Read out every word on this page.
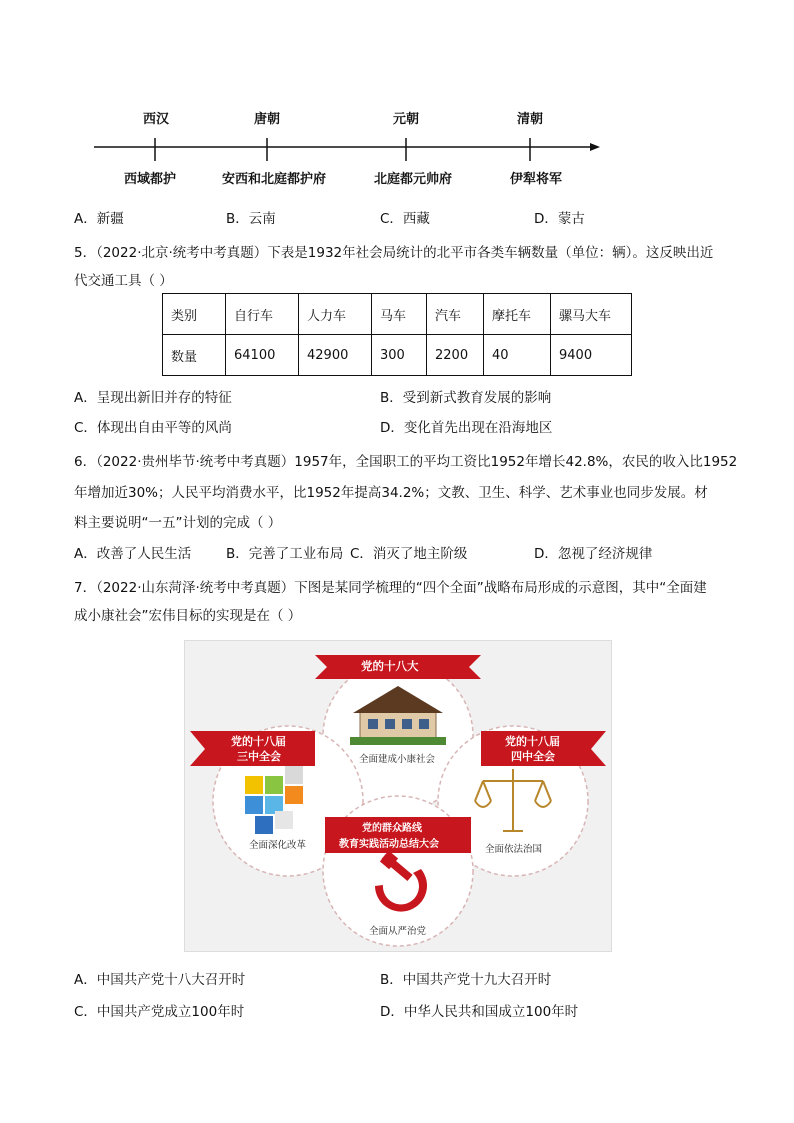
西汉	唐朝	元朝	清朝
西域都护	安西和北庭都护府	北庭都元帅府	伊犁将军
A．新疆	B．云南	C．西藏	D．蒙古
5．（2022·北京·统考中考真题）下表是1932年社会局统计的北平市各类车辆数量（单位：辆）。这反映出近
代交通工具（ ）
类别	自行车	人力车	马车	汽车	摩托车	骡马大车
数量	64100	42900	300	2200	40	9400
A．呈现出新旧并存的特征	B．受到新式教育发展的影响
C．体现出自由平等的风尚	D．变化首先出现在沿海地区
6．（2022·贵州毕节·统考中考真题）1957年，全国职工的平均工资比1952年增长42.8%，农民的收入比1952
年增加近30%；人民平均消费水平，比1952年提高34.2%；文教、卫生、科学、艺术事业也同步发展。材
料主要说明“一五”计划的完成（ ）
A．改善了人民生活	B．完善了工业布局 C．消灭了地主阶级	D．忽视了经济规律
7．（2022·山东菏泽·统考中考真题）下图是某同学梳理的“四个全面”战略布局形成的示意图，其中“全面建
成小康社会”宏伟目标的实现是在（ ）
党的十八大
党的十八届
三中全会
党的十八届
四中全会
党的群众路线
教育实践活动总结大会
全面建成小康社会
全面深化改革	全面依法治国
全面从严治党
A．中国共产党十八大召开时	B．中国共产党十九大召开时
C．中国共产党成立100年时	D．中华人民共和国成立100年时
